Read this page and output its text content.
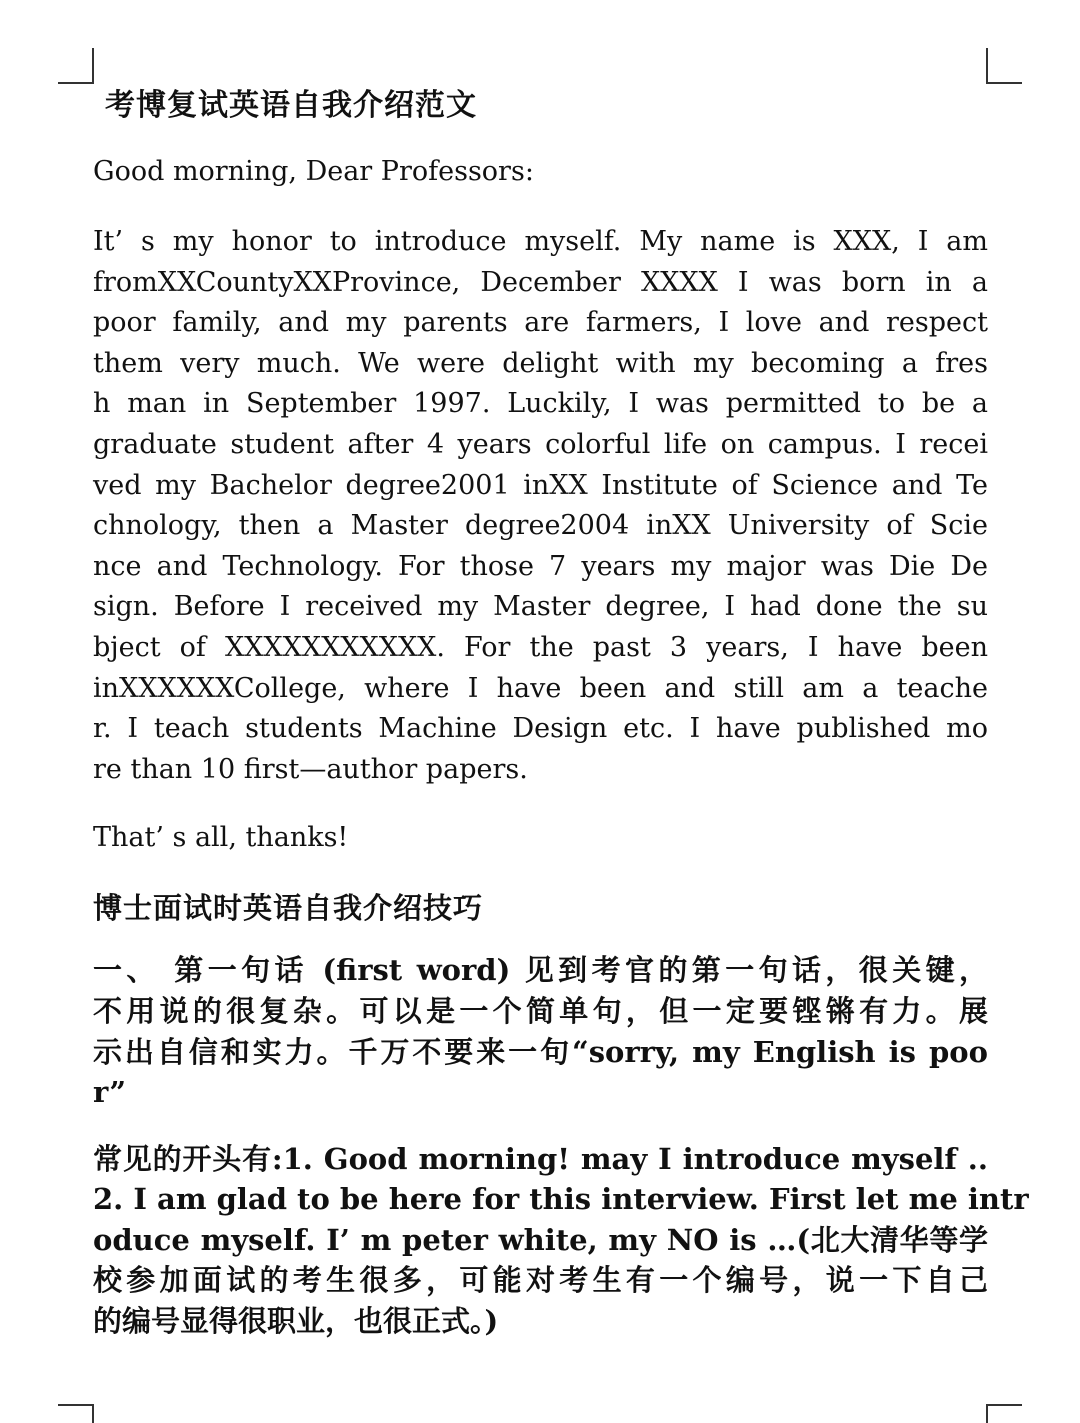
考博复试英语自我介绍范文
Good morning, Dear Professors:
It’ s my honor to introduce myself. My name is XXX, I am
fromXXCountyXXProvince, December XXXX I was born in a
poor family, and my parents are farmers, I love and respect
them very much. We were delight with my becoming a fres
h man in September 1997. Luckily, I was permitted to be a
graduate student after 4 years colorful life on campus. I recei
ved my Bachelor degree2001 inXX Institute of Science and Te
chnology, then a Master degree2004 inXX University of Scie
nce and Technology. For those 7 years my major was Die De
sign. Before I received my Master degree, I had done the su
bject of XXXXXXXXXXX. For the past 3 years, I have been
inXXXXXXCollege, where I have been and still am a teache
r. I teach students Machine Design etc. I have published mo
re than 10 first—author papers.
That’ s all, thanks!
博士面试时英语自我介绍技巧
一、 第一句话 (first word) 见到考官的第一句话，很关键，
不用说的很复杂。可以是一个简单句，但一定要铿锵有力。展
示出自信和实力。千万不要来一句“sorry, my English is poo
r”
常见的开头有:1. Good morning! may I introduce myself ..
2. I am glad to be here for this interview. First let me intr
oduce myself. I’ m peter white, my NO is …(北大清华等学
校参加面试的考生很多，可能对考生有一个编号，说一下自己
的编号显得很职业，也很正式。)
